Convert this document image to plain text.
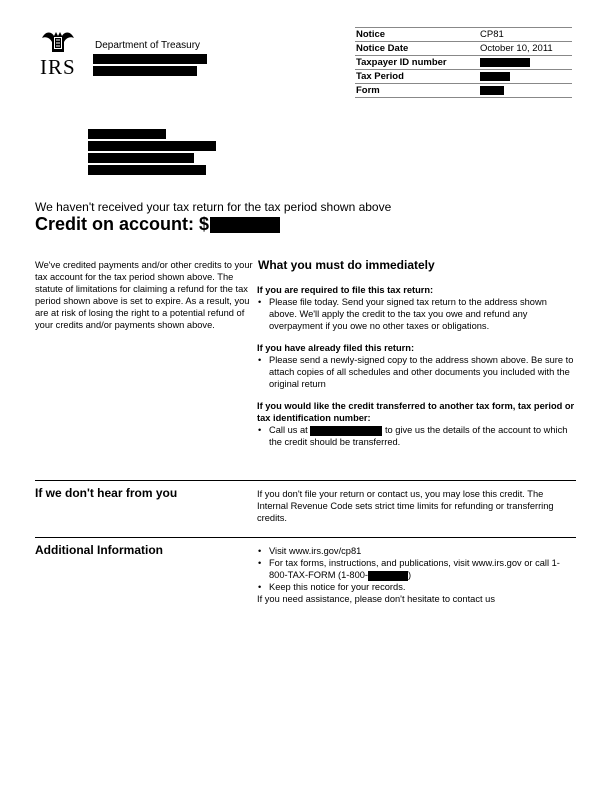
IRS
Department of Treasury
Notice	CP81
Notice Date	October 10, 2011
Taxpayer ID number	
Tax Period	
Form	
We haven't received your tax return for the tax period shown above
Credit on account: $
We've credited payments and/or other credits to your tax account for the tax period shown above. The statute of limitations for claiming a refund for the tax period shown above is set to expire. As a result, you are at risk of losing the right to a potential refund of your credits and/or payments shown above.
What you must do immediately
If you are required to file this tax return:
• Please file today. Send your signed tax return to the address shown above. We'll apply the credit to the tax you owe and refund any overpayment if you owe no other taxes or obligations.
If you have already filed this return:
• Please send a newly-signed copy to the address shown above. Be sure to attach copies of all schedules and other documents you included with the original return
If you would like the credit transferred to another tax form, tax period or tax identification number:
• Call us at	to give us the details of the account to which the credit should be transferred.
If we don't hear from you	If you don't file your return or contact us, you may lose this credit. The Internal Revenue Code sets strict time limits for refunding or transferring credits.
Additional Information	• Visit www.irs.gov/cp81
• For tax forms, instructions, and publications, visit www.irs.gov or call 1-800-TAX-FORM (1-800-	)
• Keep this notice for your records.
If you need assistance, please don't hesitate to contact us
